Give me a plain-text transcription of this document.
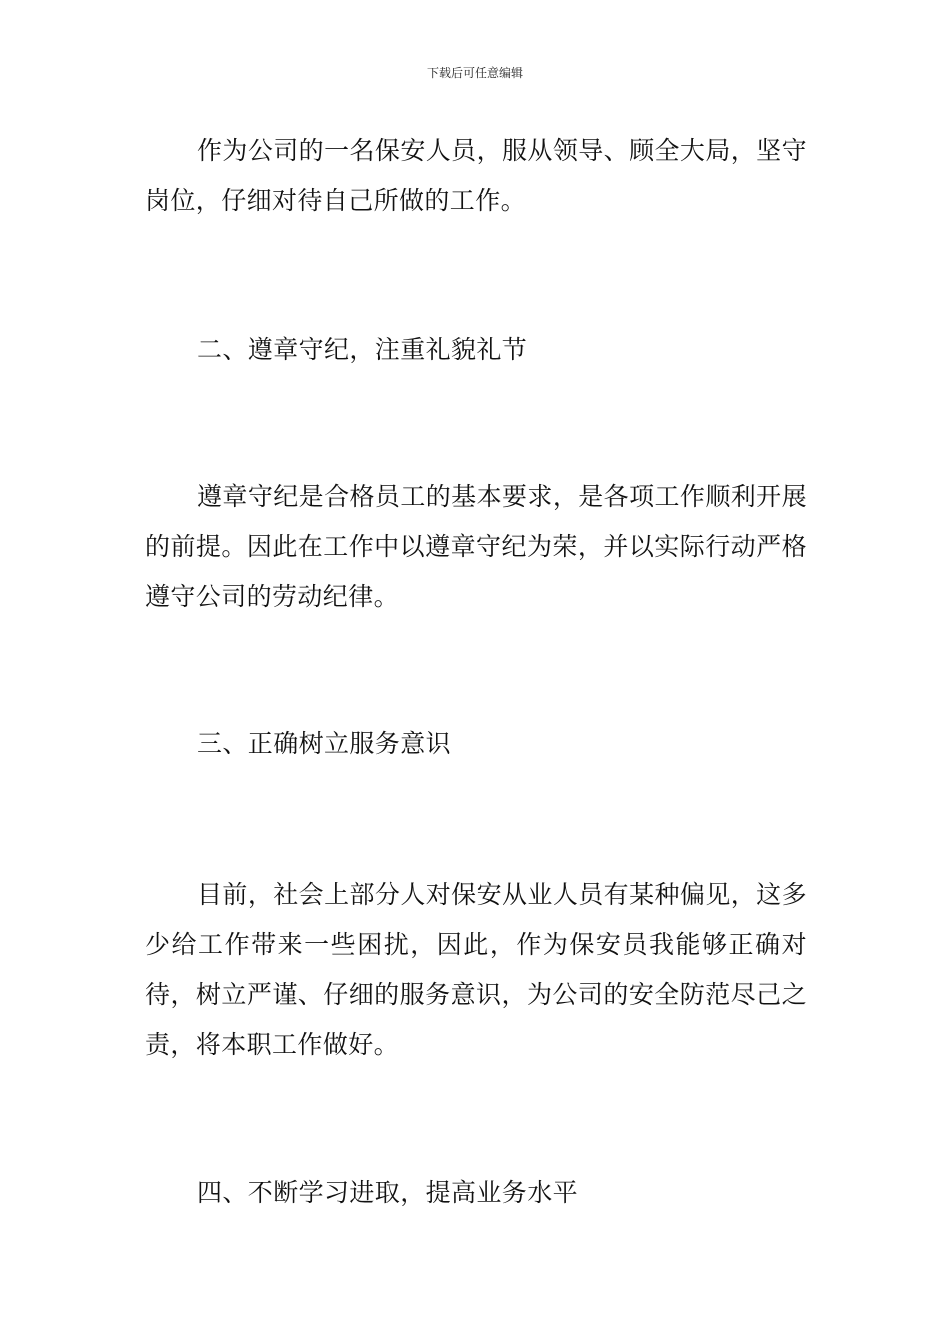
下载后可任意编辑

作为公司的一名保安人员，服从领导、顾全大局，坚守岗位，仔细对待自己所做的工作。

二、遵章守纪，注重礼貌礼节

遵章守纪是合格员工的基本要求，是各项工作顺利开展的前提。因此在工作中以遵章守纪为荣，并以实际行动严格遵守公司的劳动纪律。

三、正确树立服务意识

目前，社会上部分人对保安从业人员有某种偏见，这多少给工作带来一些困扰，因此，作为保安员我能够正确对待，树立严谨、仔细的服务意识，为公司的安全防范尽己之责，将本职工作做好。

四、不断学习进取，提高业务水平
